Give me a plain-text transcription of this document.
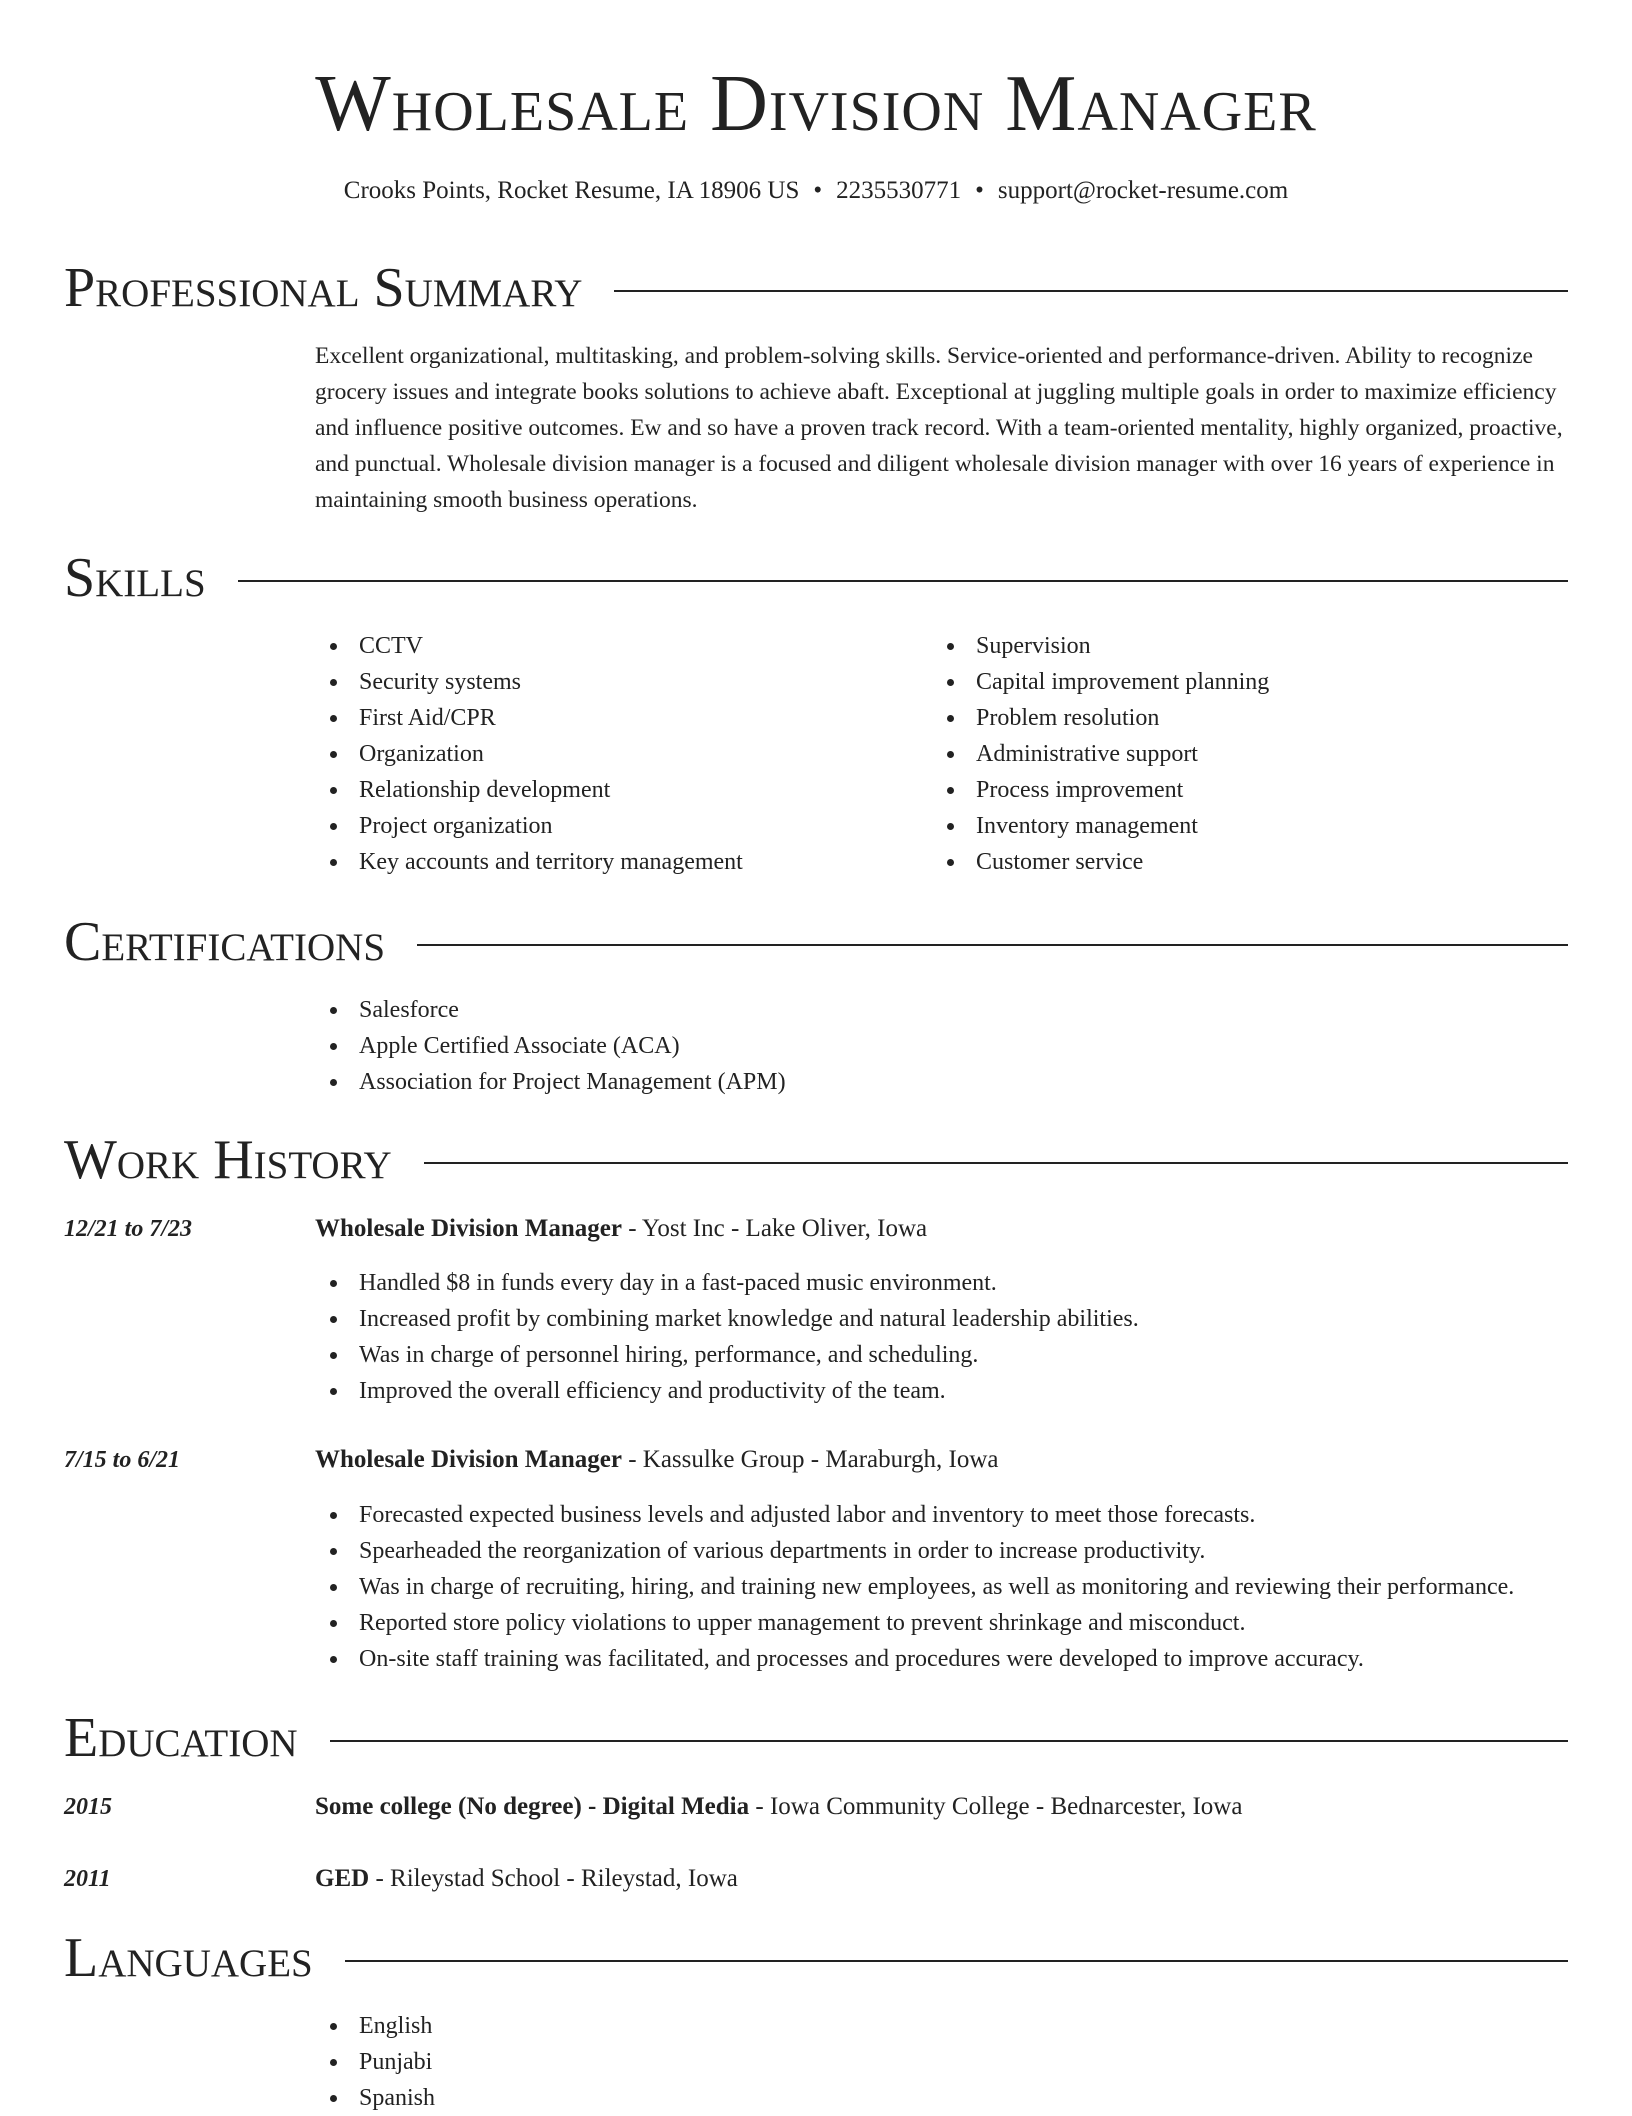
Wholesale Division Manager
Crooks Points, Rocket Resume, IA 18906 US • 2235530771 • support@rocket-resume.com
Professional Summary

Excellent organizational, multitasking, and problem-solving skills. Service-oriented and performance-driven. Ability to recognize grocery issues and integrate books solutions to achieve abaft. Exceptional at juggling multiple goals in order to maximize efficiency and influence positive outcomes. Ew and so have a proven track record. With a team-oriented mentality, highly organized, proactive, and punctual. Wholesale division manager is a focused and diligent wholesale division manager with over 16 years of experience in maintaining smooth business operations.

Skills
CCTV
Security systems
First Aid/CPR
Organization
Relationship development
Project organization
Key accounts and territory management
Supervision
Capital improvement planning
Problem resolution
Administrative support
Process improvement
Inventory management
Customer service
Certifications
Salesforce
Apple Certified Associate (ACA)
Association for Project Management (APM)
Work History
12/21 to 7/23	Wholesale Division Manager - Yost Inc - Lake Oliver, Iowa
Handled $8 in funds every day in a fast-paced music environment.
Increased profit by combining market knowledge and natural leadership abilities.
Was in charge of personnel hiring, performance, and scheduling.
Improved the overall efficiency and productivity of the team.
7/15 to 6/21	Wholesale Division Manager - Kassulke Group - Maraburgh, Iowa
Forecasted expected business levels and adjusted labor and inventory to meet those forecasts.
Spearheaded the reorganization of various departments in order to increase productivity.
Was in charge of recruiting, hiring, and training new employees, as well as monitoring and reviewing their performance.
Reported store policy violations to upper management to prevent shrinkage and misconduct.
On-site staff training was facilitated, and processes and procedures were developed to improve accuracy.
Education
2015	Some college (No degree) - Digital Media - Iowa Community College - Bednarcester, Iowa
2011	GED - Rileystad School - Rileystad, Iowa
Languages
English
Punjabi
Spanish
